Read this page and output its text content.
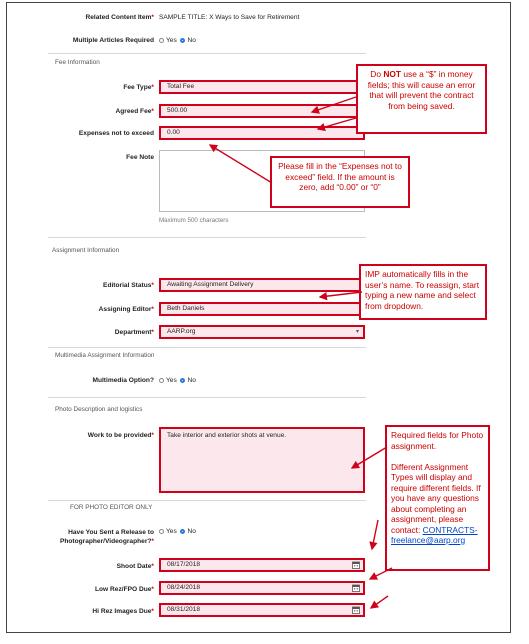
Related Content Item* SAMPLE TITLE: X Ways to Save for Retirement
Multiple Articles Required	Yes No
Fee Information
Fee Type*	Total Fee
Agreed Fee*	500.00
Expenses not to exceed	0.00
Fee Note
Maximum 500 characters
Assignment Information
Editorial Status*	Awaiting Assignment Delivery
Assigning Editor*	Beth Daniels
Department*	AARP.org	▾
Multimedia Assignment Information
Multimedia Option?	Yes No
Photo Description and logistics
Work to be provided*	Take interior and exterior shots at venue.
FOR PHOTO EDITOR ONLY
Have You Sent a Release to
Photographer/Videographer?*
Yes No
Shoot Date*	08/17/2018
Low Rez/FPO Due*	08/24/2018
Hi Rez Images Due*	08/31/2018
Do NOT use a “$” in money fields; this will cause an error that will prevent the contract from being saved.
Please fill in the “Expenses not to exceed” field. If the amount is zero, add “0.00” or “0”
IMP automatically fills in the user’s name. To reassign, start typing a new name and select from dropdown.
Required fields for Photo assignment.

Different Assignment Types will display and require different fields. If you have any questions about completing an assignment, please contact: CONTRACTS-freelance@aarp.org
